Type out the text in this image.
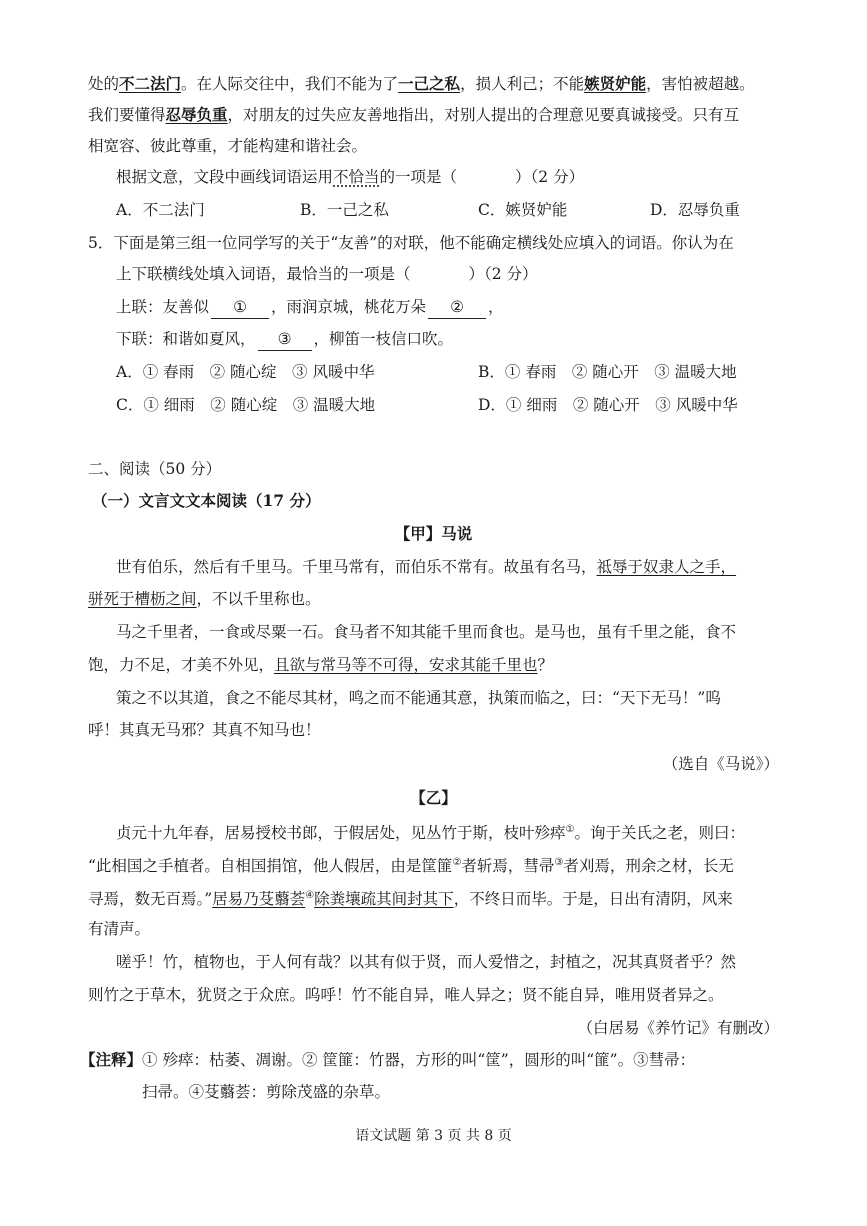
处的不二法门。在人际交往中，我们不能为了一己之私，损人利己；不能嫉贤妒能，害怕被超越。
我们要懂得忍辱负重，对朋友的过失应友善地指出，对别人提出的合理意见要真诚接受。只有互
相宽容、彼此尊重，才能构建和谐社会。
根据文意，文段中画线词语运用不恰当的一项是（	）（2 分）
A．不二法门	B．一己之私	C．嫉贤妒能	D．忍辱负重
5．下面是第三组一位同学写的关于“友善”的对联，他不能确定横线处应填入的词语。你认为在
上下联横线处填入词语，最恰当的一项是（	）（2 分）
上联：友善似 ① ，雨润京城，桃花万朵 ② ，
下联：和谐如夏风， ③ ，柳笛一枝信口吹。
A．① 春雨　② 随心绽　③ 风暖中华	B．① 春雨　② 随心开　③ 温暖大地
C．① 细雨　② 随心绽　③ 温暖大地	D．① 细雨　② 随心开　③ 风暖中华
二、阅读（50 分）
（一）文言文文本阅读（17 分）
【甲】马说
世有伯乐，然后有千里马。千里马常有，而伯乐不常有。故虽有名马，祗辱于奴隶人之手，
骈死于槽枥之间，不以千里称也。
马之千里者，一食或尽粟一石。食马者不知其能千里而食也。是马也，虽有千里之能，食不
饱，力不足，才美不外见，且欲与常马等不可得，安求其能千里也？
策之不以其道，食之不能尽其材，鸣之而不能通其意，执策而临之，曰：“天下无马！”呜
呼！其真无马邪？其真不知马也！
（选自《马说》）
【乙】
贞元十九年春，居易授校书郎，于假居处，见丛竹于斯，枝叶殄瘁①。询于关氏之老，则曰：
“此相国之手植者。自相国捐馆，他人假居，由是筐篚②者斩焉，彗帚③者刈焉，刑余之材，长无
寻焉，数无百焉。”居易乃芟蘙荟④除粪壤疏其间封其下，不终日而毕。于是，日出有清阴，风来
有清声。
嗟乎！竹，植物也，于人何有哉？以其有似于贤，而人爱惜之，封植之，况其真贤者乎？然
则竹之于草木，犹贤之于众庶。呜呼！竹不能自异，唯人异之；贤不能自异，唯用贤者异之。
（白居易《养竹记》有删改）
【注释】① 殄瘁：枯萎、凋谢。② 筐篚：竹器，方形的叫“筐”，圆形的叫“篚”。③彗帚：
扫帚。④芟蘙荟：剪除茂盛的杂草。
语文试题 第 3 页 共 8 页
